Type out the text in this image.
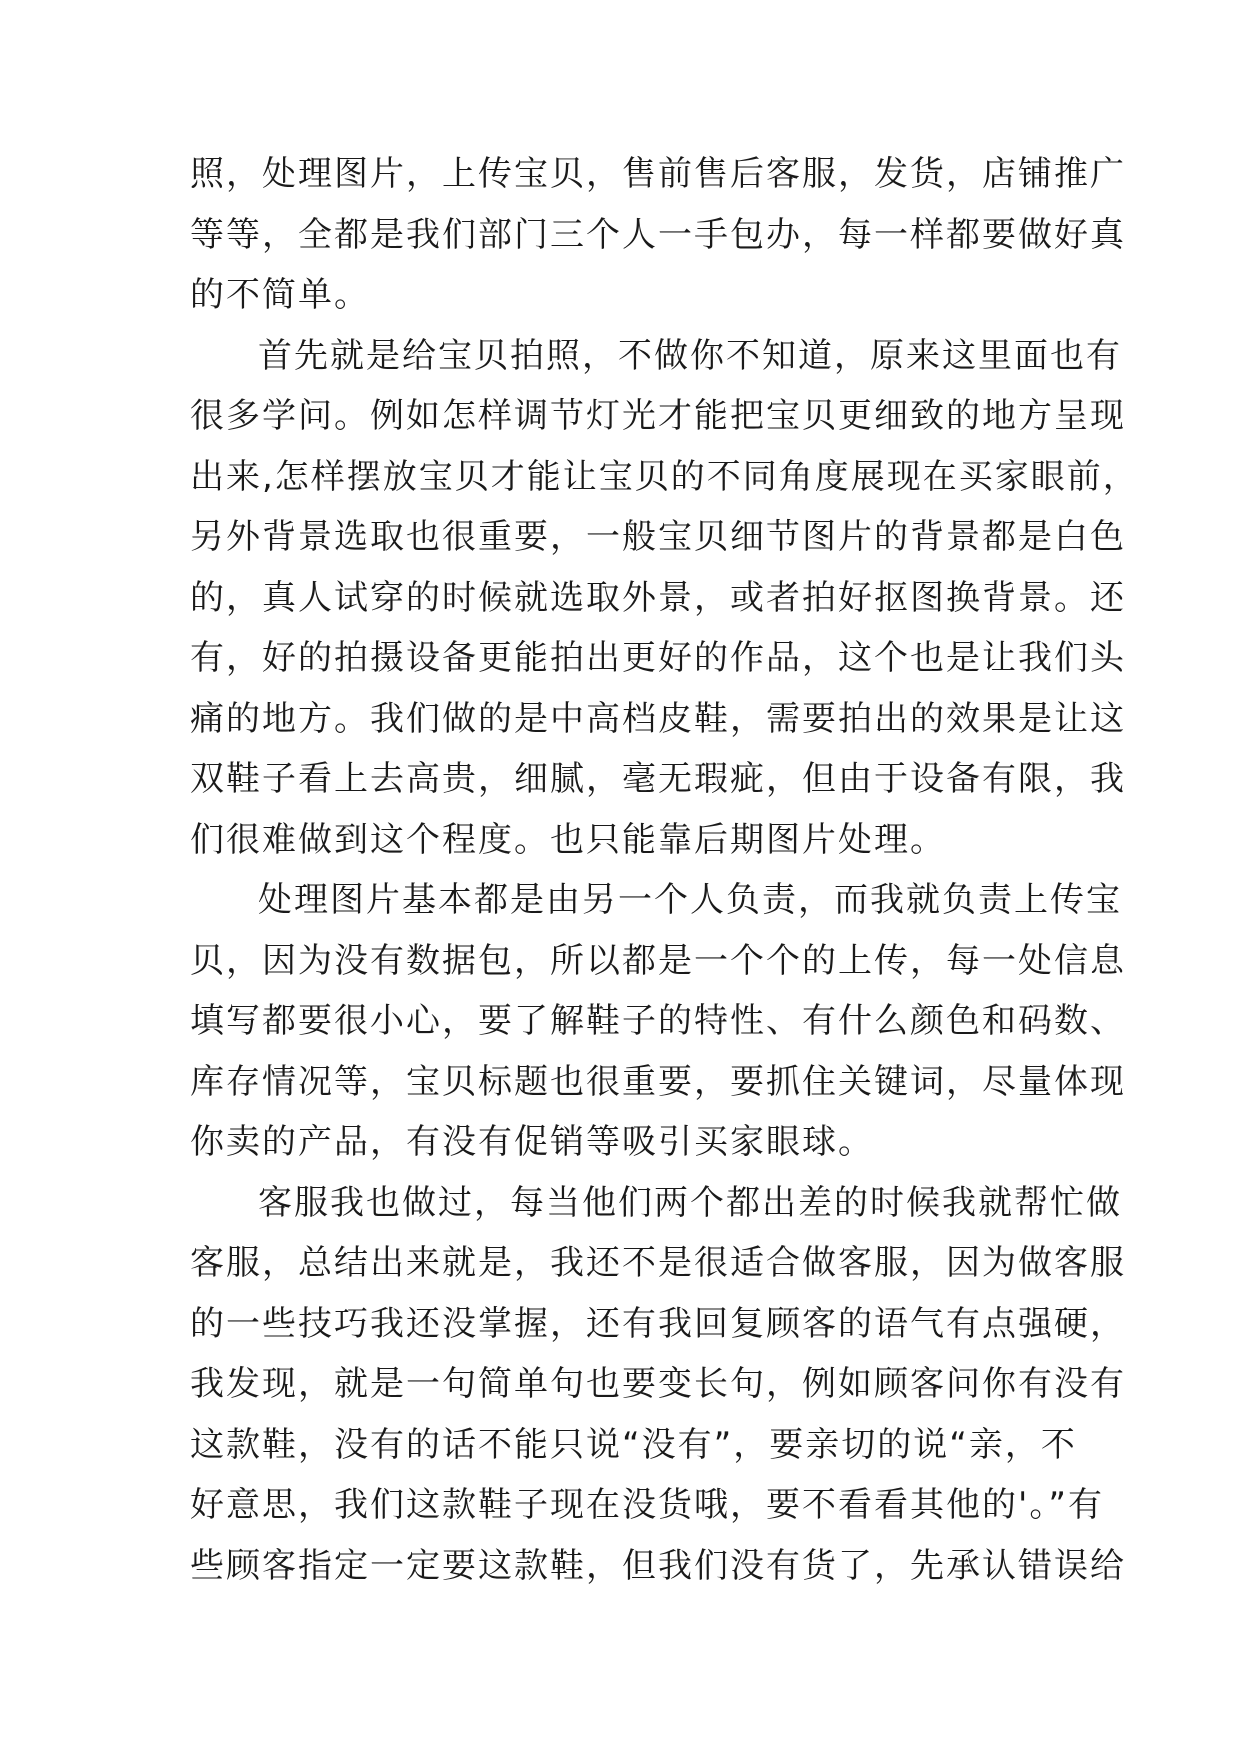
照，处理图片，上传宝贝，售前售后客服，发货，店铺推广
等等，全都是我们部门三个人一手包办，每一样都要做好真
的不简单。
首先就是给宝贝拍照，不做你不知道，原来这里面也有
很多学问。例如怎样调节灯光才能把宝贝更细致的地方呈现
出来,怎样摆放宝贝才能让宝贝的不同角度展现在买家眼前，
另外背景选取也很重要，一般宝贝细节图片的背景都是白色
的，真人试穿的时候就选取外景，或者拍好抠图换背景。还
有，好的拍摄设备更能拍出更好的作品，这个也是让我们头
痛的地方。我们做的是中高档皮鞋，需要拍出的效果是让这
双鞋子看上去高贵，细腻，毫无瑕疵，但由于设备有限，我
们很难做到这个程度。也只能靠后期图片处理。
处理图片基本都是由另一个人负责，而我就负责上传宝
贝，因为没有数据包，所以都是一个个的上传，每一处信息
填写都要很小心，要了解鞋子的特性、有什么颜色和码数、
库存情况等，宝贝标题也很重要，要抓住关键词，尽量体现
你卖的产品，有没有促销等吸引买家眼球。
客服我也做过，每当他们两个都出差的时候我就帮忙做
客服，总结出来就是，我还不是很适合做客服，因为做客服
的一些技巧我还没掌握，还有我回复顾客的语气有点强硬，
我发现，就是一句简单句也要变长句，例如顾客问你有没有
这款鞋，没有的话不能只说“没有”，要亲切的说“亲，不
好意思，我们这款鞋子现在没货哦，要不看看其他的'。”有
些顾客指定一定要这款鞋，但我们没有货了，先承认错误给
